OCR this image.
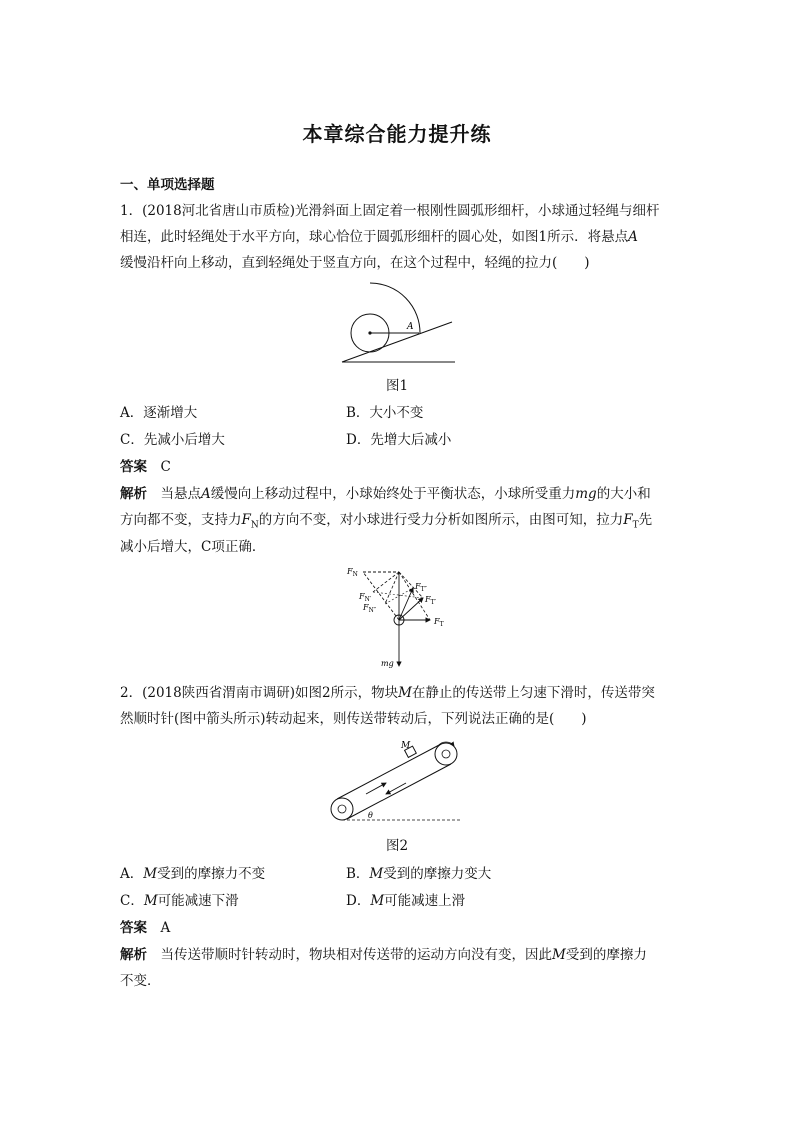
本章综合能力提升练
一、单项选择题
1．(2018河北省唐山市质检)光滑斜面上固定着一根刚性圆弧形细杆，小球通过轻绳与细杆
相连，此时轻绳处于水平方向，球心恰位于圆弧形细杆的圆心处，如图1所示．将悬点A
缓慢沿杆向上移动，直到轻绳处于竖直方向，在这个过程中，轻绳的拉力(　　)
A
图1
A．逐渐增大	B．大小不变
C．先减小后增大	D．先增大后减小
答案　 C
解析　 当悬点A缓慢向上移动过程中，小球始终处于平衡状态，小球所受重力mg的大小和
方向都不变，支持力$F_N$的方向不变，对小球进行受力分析如图所示，由图可知，拉力$F_T$先
减小后增大，C项正确．
$F_N$
$F_{N'}$
$F_{N''}$
$F_{T''}$
$F_{T'}$
$F_T$
mg
2．(2018陕西省渭南市调研)如图2所示，物块M在静止的传送带上匀速下滑时，传送带突
然顺时针(图中箭头所示)转动起来，则传送带转动后，下列说法正确的是(　　)
M
θ
图2
A．M受到的摩擦力不变	B．M受到的摩擦力变大
C．M可能减速下滑	D．M可能减速上滑
答案　 A
解析　 当传送带顺时针转动时，物块相对传送带的运动方向没有变，因此M受到的摩擦力
不变．
